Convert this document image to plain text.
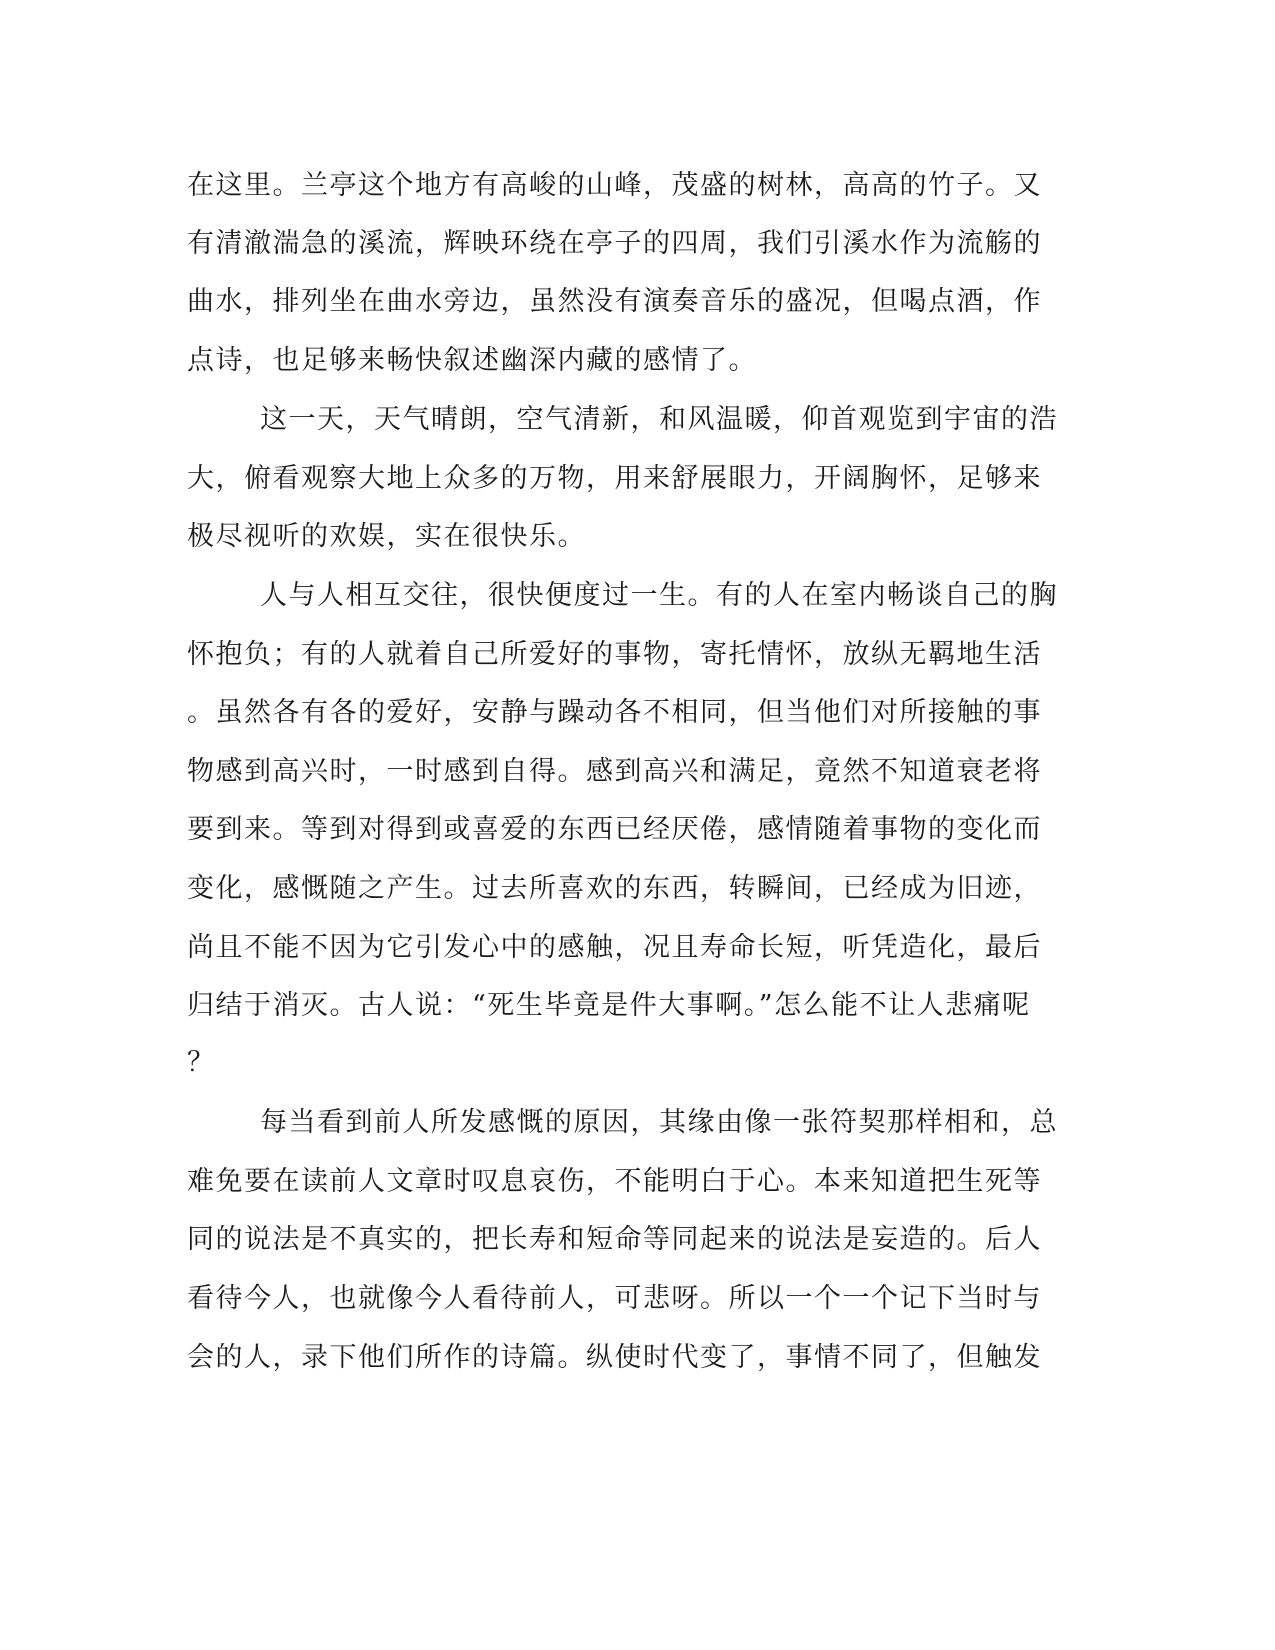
在这里。兰亭这个地方有高峻的山峰，茂盛的树林，高高的竹子。又
有清澈湍急的溪流，辉映环绕在亭子的四周，我们引溪水作为流觞的
曲水，排列坐在曲水旁边，虽然没有演奏音乐的盛况，但喝点酒，作
点诗，也足够来畅快叙述幽深内藏的感情了。
这一天，天气晴朗，空气清新，和风温暖，仰首观览到宇宙的浩
大，俯看观察大地上众多的万物，用来舒展眼力，开阔胸怀，足够来
极尽视听的欢娱，实在很快乐。
人与人相互交往，很快便度过一生。有的人在室内畅谈自己的胸
怀抱负；有的人就着自己所爱好的事物，寄托情怀，放纵无羁地生活
。虽然各有各的爱好，安静与躁动各不相同，但当他们对所接触的事
物感到高兴时，一时感到自得。感到高兴和满足，竟然不知道衰老将
要到来。等到对得到或喜爱的东西已经厌倦，感情随着事物的变化而
变化，感慨随之产生。过去所喜欢的东西，转瞬间，已经成为旧迹，
尚且不能不因为它引发心中的感触，况且寿命长短，听凭造化，最后
归结于消灭。古人说：“死生毕竟是件大事啊。”怎么能不让人悲痛呢
？
每当看到前人所发感慨的原因，其缘由像一张符契那样相和，总
难免要在读前人文章时叹息哀伤，不能明白于心。本来知道把生死等
同的说法是不真实的，把长寿和短命等同起来的说法是妄造的。后人
看待今人，也就像今人看待前人，可悲呀。所以一个一个记下当时与
会的人，录下他们所作的诗篇。纵使时代变了，事情不同了，但触发
